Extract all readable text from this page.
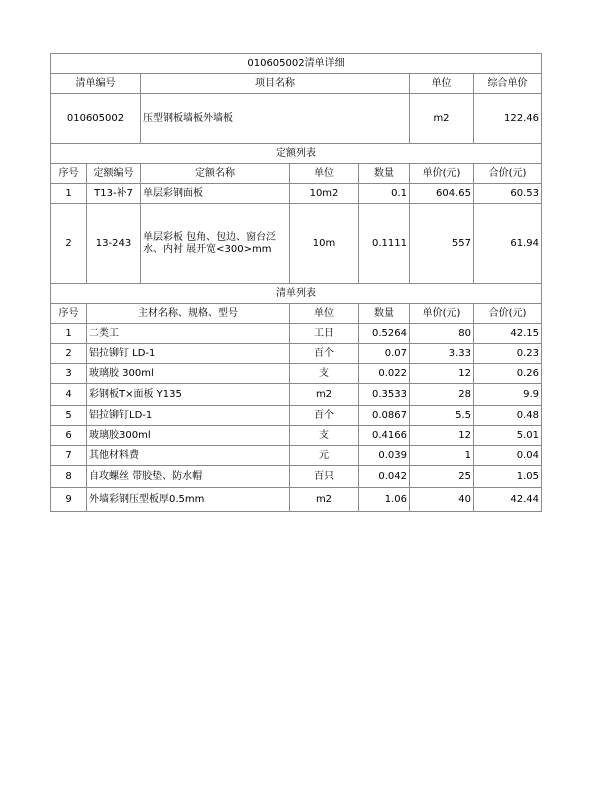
010605002清单详细						
清单编号		项目名称			单位	综合单价
010605002		压型钢板墙板外墙板			m2	122.46
定额列表						
序号	定额编号	定额名称	单位	数量	单价(元)	合价(元)
1	T13-补7	单层彩钢面板	10m2	0.1	604.65	60.53
2	13-243	单层彩板 包角、包边、窗台泛水、内衬 展开宽<300>mm	10m	0.1111	557	61.94
清单列表						
序号	主材名称、规格、型号		单位	数量	单价(元)	合价(元)
1	二类工		工日	0.5264	80	42.15
2	铝拉铆钉 LD-1		百个	0.07	3.33	0.23
3	玻璃胶 300ml		支	0.022	12	0.26
4	彩钢板T×面板 Y135		m2	0.3533	28	9.9
5	铝拉铆钉LD-1		百个	0.0867	5.5	0.48
6	玻璃胶300ml		支	0.4166	12	5.01
7	其他材料费		元	0.039	1	0.04
8	自攻螺丝 带胶垫、防水帽		百只	0.042	25	1.05
9	外墙彩钢压型板厚0.5mm		m2	1.06	40	42.44
